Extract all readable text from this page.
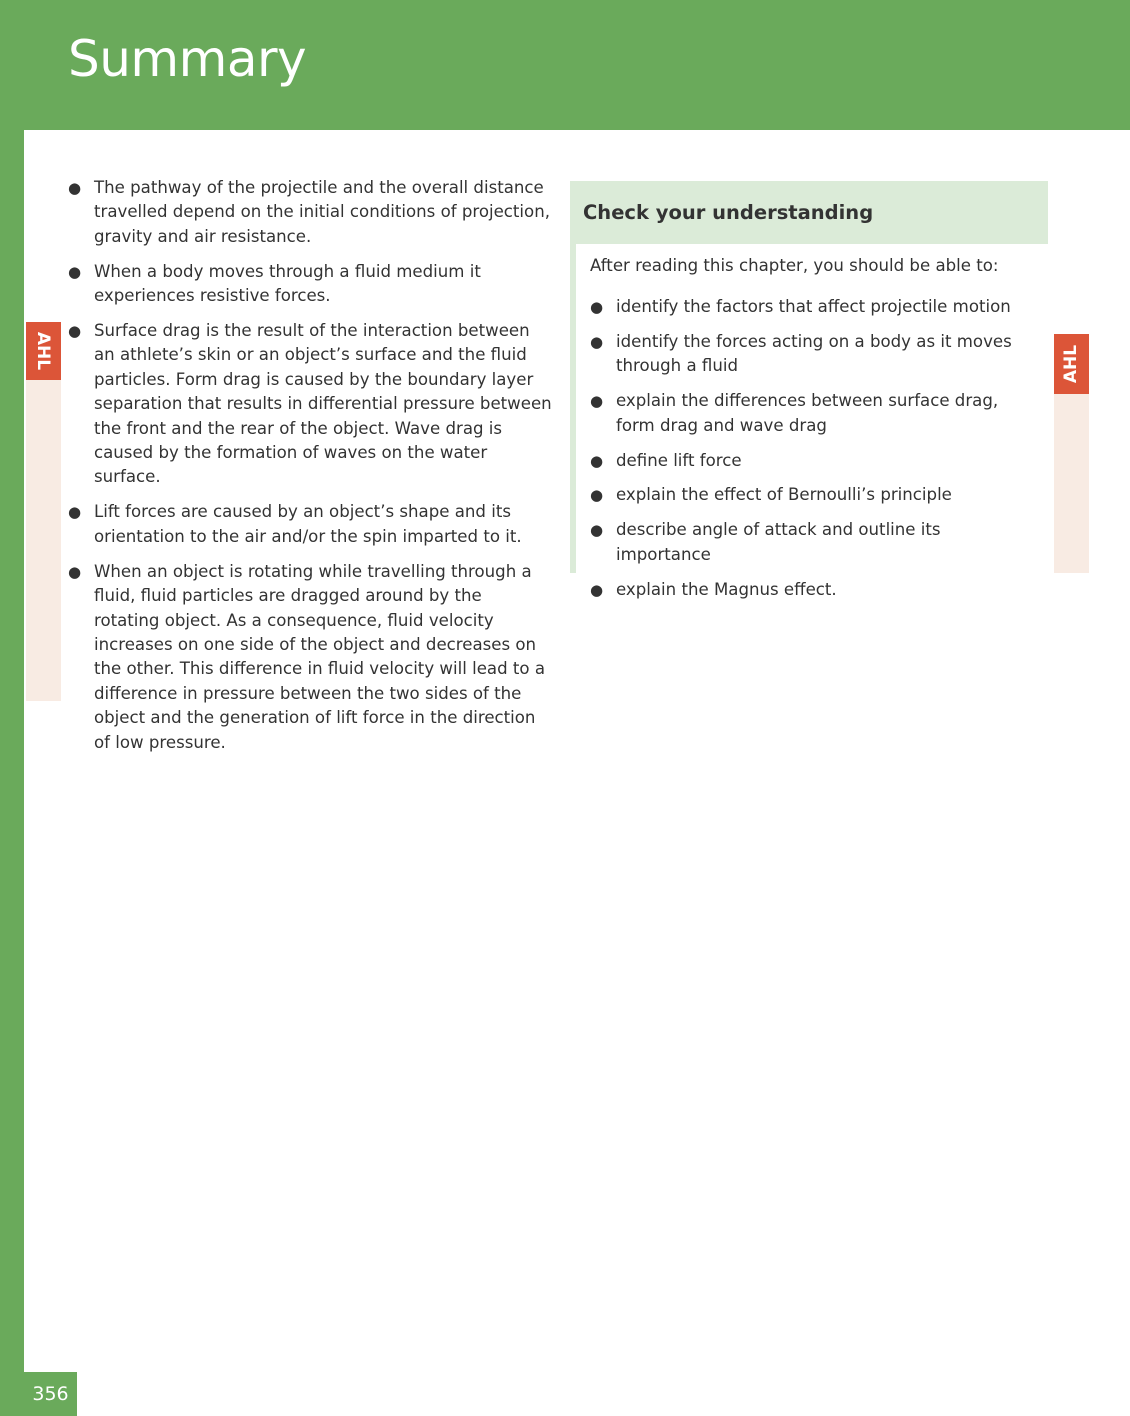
Summary
AHL	AHL
● The pathway of the projectile and the overall distance travelled depend on the initial conditions of projection, gravity and air resistance.
● When a body moves through a fluid medium it experiences resistive forces.
● Surface drag is the result of the interaction between an athlete’s skin or an object’s surface and the fluid particles. Form drag is caused by the boundary layer separation that results in differential pressure between the front and the rear of the object. Wave drag is caused by the formation of waves on the water surface.
● Lift forces are caused by an object’s shape and its orientation to the air and/or the spin imparted to it.
● When an object is rotating while travelling through a fluid, fluid particles are dragged around by the rotating object. As a consequence, fluid velocity increases on one side of the object and decreases on the other. This difference in fluid velocity will lead to a difference in pressure between the two sides of the object and the generation of lift force in the direction of low pressure.
Check your understanding
After reading this chapter, you should be able to:
● identify the factors that affect projectile motion
● identify the forces acting on a body as it moves through a fluid
● explain the differences between surface drag, form drag and wave drag
● define lift force
● explain the effect of Bernoulli’s principle
● describe angle of attack and outline its importance
● explain the Magnus effect.
356
